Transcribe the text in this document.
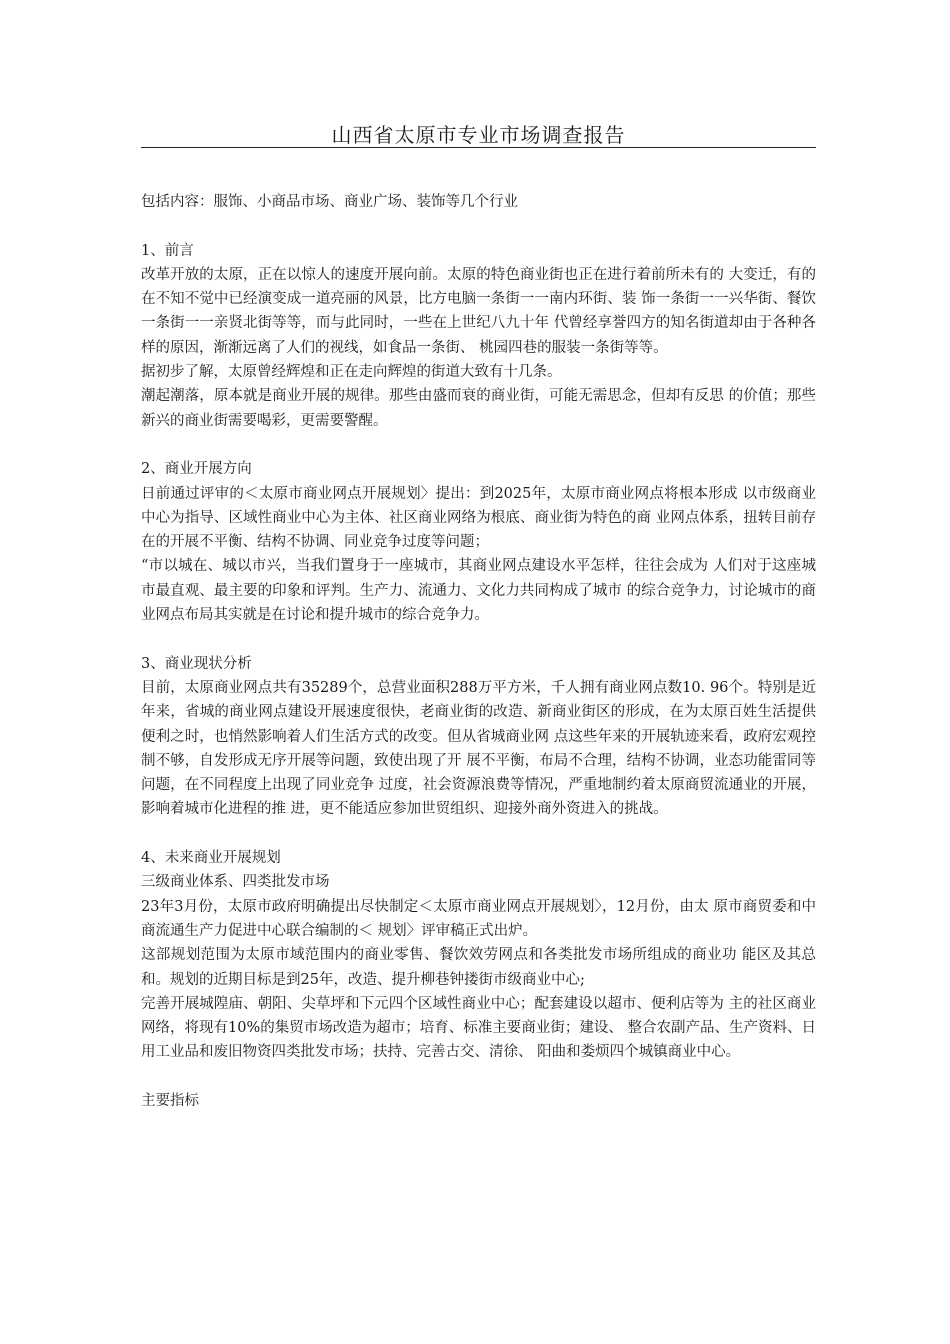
山西省太原市专业市场调查报告

包括内容：服饰、小商品市场、商业广场、装饰等几个行业

1、前言

改革开放的太原，正在以惊人的速度开展向前。太原的特色商业街也正在进行着前所未有的 大变迁，有的在不知不觉中已经演变成一道亮丽的风景，比方电脑一条街一一南内环街、装 饰一条街一一兴华街、餐饮一条街一一亲贤北街等等，而与此同时，一些在上世纪八九十年 代曾经享誉四方的知名街道却由于各种各样的原因，渐渐远离了人们的视线，如食品一条街、 桃园四巷的服装一条街等等。

据初步了解，太原曾经辉煌和正在走向辉煌的街道大致有十几条。

潮起潮落，原本就是商业开展的规律。那些由盛而衰的商业街，可能无需思念，但却有反思 的价值；那些新兴的商业街需要喝彩，更需要警醒。

2、商业开展方向

日前通过评审的＜太原市商业网点开展规划〉提出：到2025年，太原市商业网点将根本形成 以市级商业中心为指导、区域性商业中心为主体、社区商业网络为根底、商业街为特色的商 业网点体系，扭转目前存在的开展不平衡、结构不协调、同业竞争过度等问题；

“市以城在、城以市兴，当我们置身于一座城市，其商业网点建设水平怎样，往往会成为 人们对于这座城市最直观、最主要的印象和评判。生产力、流通力、文化力共同构成了城市 的综合竞争力，讨论城市的商业网点布局其实就是在讨论和提升城市的综合竞争力。

3、商业现状分析

目前，太原商业网点共有35289个，总营业面积288万平方米，千人拥有商业网点数10. 96个。特别是近年来，省城的商业网点建设开展速度很快，老商业街的改造、新商业街区的形成，在为太原百姓生活提供便利之时，也悄然影响着人们生活方式的改变。但从省城商业网 点这些年来的开展轨迹来看，政府宏观控制不够，自发形成无序开展等问题，致使出现了开 展不平衡，布局不合理，结构不协调，业态功能雷同等问题，在不同程度上出现了同业竞争 过度，社会资源浪费等情况，严重地制约着太原商贸流通业的开展，影响着城市化进程的推 进，更不能适应参加世贸组织、迎接外商外资进入的挑战。

4、未来商业开展规划

三级商业体系、四类批发市场

23年3月份，太原市政府明确提出尽快制定＜太原市商业网点开展规划〉，12月份，由太 原市商贸委和中商流通生产力促进中心联合编制的＜ 规划〉评审稿正式出炉。

这部规划范围为太原市域范围内的商业零售、餐饮效劳网点和各类批发市场所组成的商业功 能区及其总和。规划的近期目标是到25年，改造、提升柳巷钟搂街市级商业中心;

完善开展城隍庙、朝阳、尖草坪和下元四个区域性商业中心；配套建设以超市、便利店等为 主的社区商业网络，将现有10%的集贸市场改造为超市；培育、标准主要商业街；建设、 整合农副产品、生产资料、日用工业品和废旧物资四类批发市场；扶持、完善古交、清徐、 阳曲和娄烦四个城镇商业中心。

主要指标
